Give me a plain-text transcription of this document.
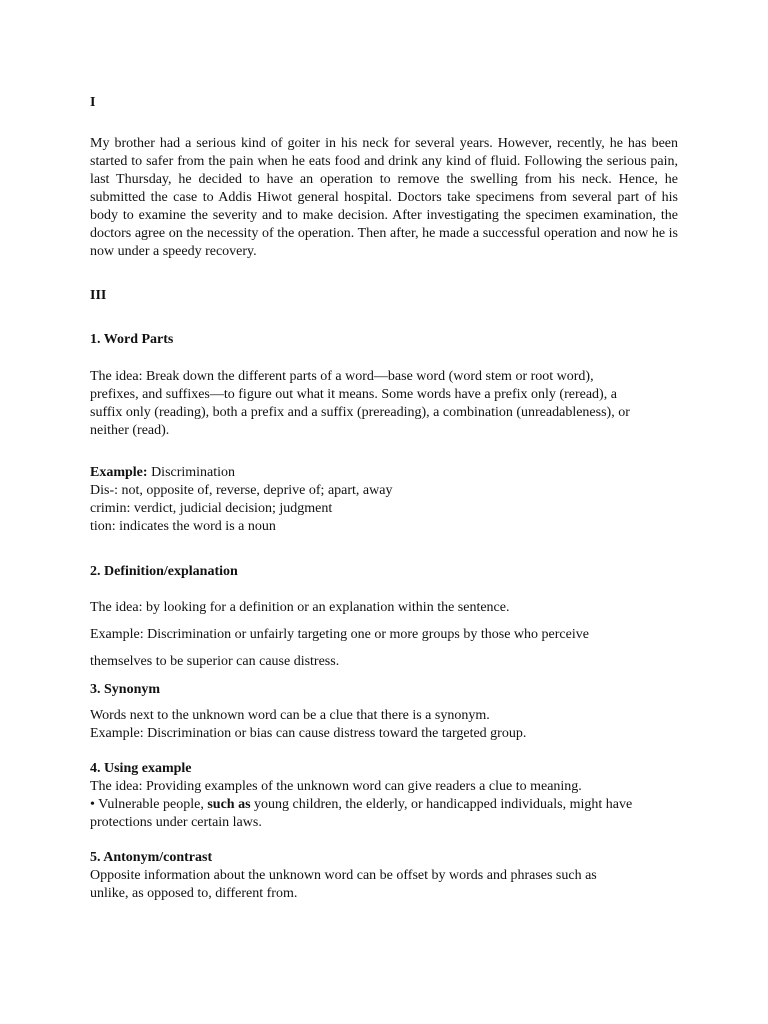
I
My brother had a serious kind of goiter in his neck for several years. However, recently, he has been started to safer from the pain when he eats food and drink any kind of fluid. Following the serious pain, last Thursday, he decided to have an operation to remove the swelling from his neck. Hence, he submitted the case to Addis Hiwot general hospital. Doctors take specimens from several part of his body to examine the severity and to make decision. After investigating the specimen examination, the doctors agree on the necessity of the operation. Then after, he made a successful operation and now he is now under a speedy recovery.
III
1. Word Parts
The idea: Break down the different parts of a word—base word (word stem or root word),
prefixes, and suffixes—to figure out what it means. Some words have a prefix only (reread), a
suffix only (reading), both a prefix and a suffix (prereading), a combination (unreadableness), or
neither (read).
Example: Discrimination
Dis-: not, opposite of, reverse, deprive of; apart, away
crimin: verdict, judicial decision; judgment
tion: indicates the word is a noun
2. Definition/explanation
The idea: by looking for a definition or an explanation within the sentence.
Example: Discrimination or unfairly targeting one or more groups by those who perceive
themselves to be superior can cause distress.
3. Synonym
Words next to the unknown word can be a clue that there is a synonym.
Example: Discrimination or bias can cause distress toward the targeted group.
4. Using example
The idea: Providing examples of the unknown word can give readers a clue to meaning.
• Vulnerable people, such as young children, the elderly, or handicapped individuals, might have
protections under certain laws.
5. Antonym/contrast
Opposite information about the unknown word can be offset by words and phrases such as
unlike, as opposed to, different from.
